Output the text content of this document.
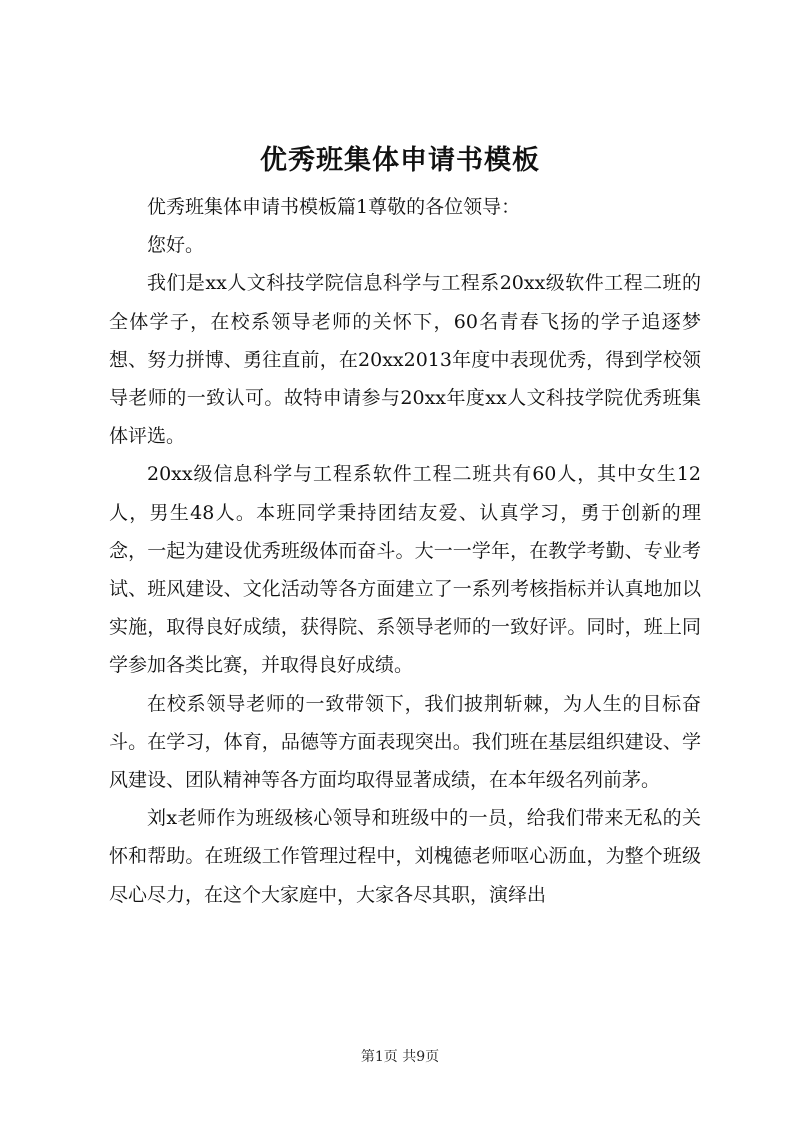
优秀班集体申请书模板

优秀班集体申请书模板篇1尊敬的各位领导：

您好。

我们是xx人文科技学院信息科学与工程系20xx级软件工程二班的全体学子，在校系领导老师的关怀下，60名青春飞扬的学子追逐梦想、努力拼博、勇往直前，在20xx2013年度中表现优秀，得到学校领导老师的一致认可。故特申请参与20xx年度xx人文科技学院优秀班集体评选。

20xx级信息科学与工程系软件工程二班共有60人，其中女生12人，男生48人。本班同学秉持团结友爱、认真学习，勇于创新的理念，一起为建设优秀班级体而奋斗。大一一学年，在教学考勤、专业考试、班风建设、文化活动等各方面建立了一系列考核指标并认真地加以实施，取得良好成绩，获得院、系领导老师的一致好评。同时，班上同学参加各类比赛，并取得良好成绩。

在校系领导老师的一致带领下，我们披荆斩棘，为人生的目标奋斗。在学习，体育，品德等方面表现突出。我们班在基层组织建设、学风建设、团队精神等各方面均取得显著成绩，在本年级名列前茅。

刘x老师作为班级核心领导和班级中的一员，给我们带来无私的关怀和帮助。在班级工作管理过程中，刘槐德老师呕心沥血，为整个班级尽心尽力，在这个大家庭中，大家各尽其职，演绎出

第1页 共9页
